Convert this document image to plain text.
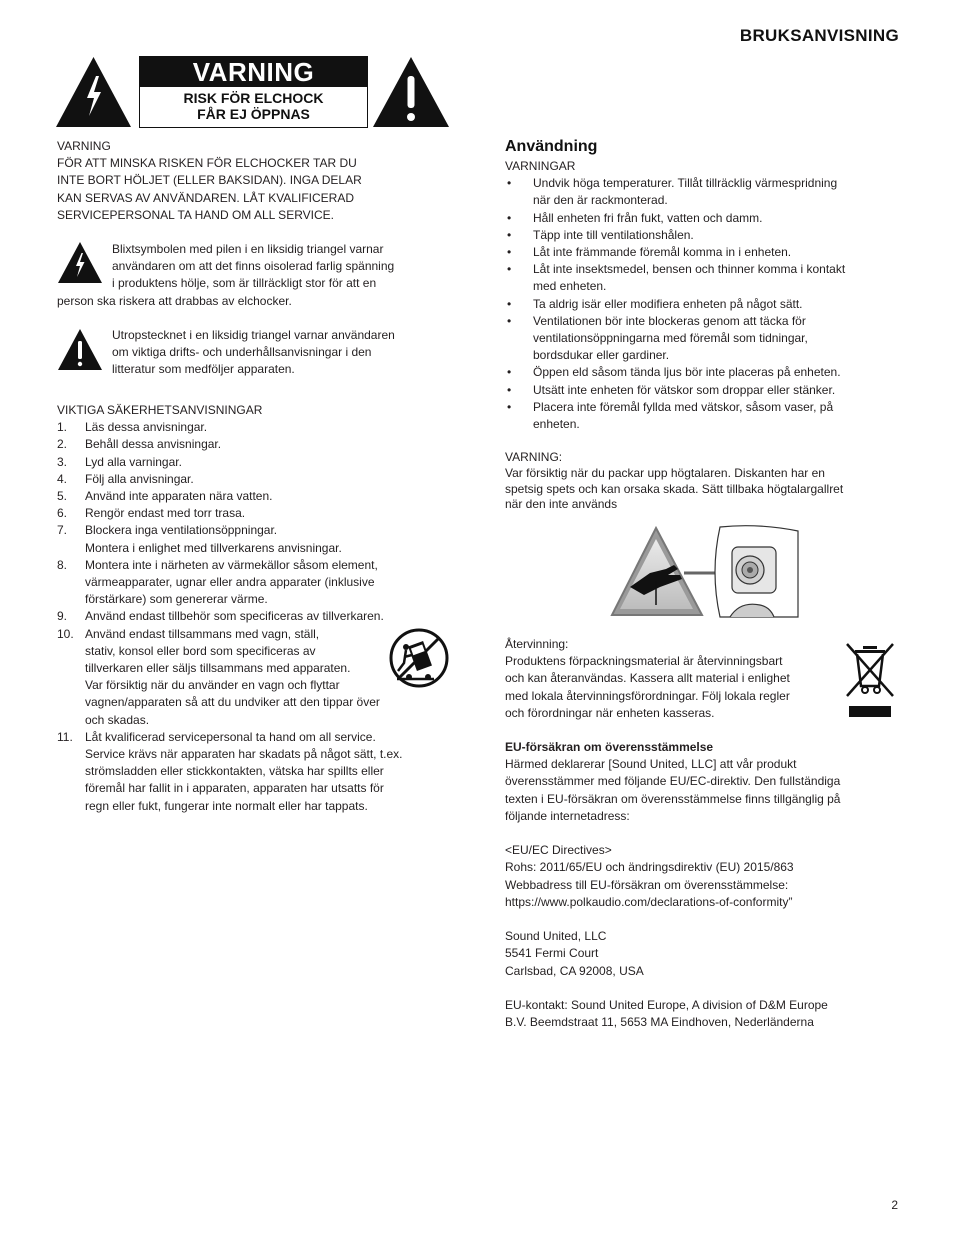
BRUKSANVISNING
VARNING
RISK FÖR ELCHOCK
FÅR EJ ÖPPNAS
VARNING
FÖR ATT MINSKA RISKEN FÖR ELCHOCKER TAR DU
INTE BORT HÖLJET (ELLER BAKSIDAN). INGA DELAR
KAN SERVAS AV ANVÄNDAREN. LÅT KVALIFICERAD
SERVICEPERSONAL TA HAND OM ALL SERVICE.
Blixtsymbolen med pilen i en liksidig triangel varnar
användaren om att det finns oisolerad farlig spänning
i produktens hölje, som är tillräckligt stor för att en
person ska riskera att drabbas av elchocker.
Utropstecknet i en liksidig triangel varnar användaren
om viktiga drifts- och underhållsanvisningar i den
litteratur som medföljer apparaten.
VIKTIGA SÄKERHETSANVISNINGAR
1. Läs dessa anvisningar.
2. Behåll dessa anvisningar.
3. Lyd alla varningar.
4. Följ alla anvisningar.
5. Använd inte apparaten nära vatten.
6. Rengör endast med torr trasa.
7. Blockera inga ventilationsöppningar.
Montera i enlighet med tillverkarens anvisningar.
8. Montera inte i närheten av värmekällor såsom element,
värmeapparater, ugnar eller andra apparater (inklusive
förstärkare) som genererar värme.
9. Använd endast tillbehör som specificeras av tillverkaren.
10. Använd endast tillsammans med vagn, ställ,
stativ, konsol eller bord som specificeras av
tillverkaren eller säljs tillsammans med apparaten.
Var försiktig när du använder en vagn och flyttar
vagnen/apparaten så att du undviker att den tippar över
och skadas.
11. Låt kvalificerad servicepersonal ta hand om all service.
Service krävs när apparaten har skadats på något sätt, t.ex.
strömsladden eller stickkontakten, vätska har spillts eller
föremål har fallit in i apparaten, apparaten har utsatts för
regn eller fukt, fungerar inte normalt eller har tappats.
Användning
VARNINGAR
• Undvik höga temperaturer. Tillåt tillräcklig värmespridning
när den är rackmonterad.
• Håll enheten fri från fukt, vatten och damm.
• Täpp inte till ventilationshålen.
• Låt inte främmande föremål komma in i enheten.
• Låt inte insektsmedel, bensen och thinner komma i kontakt
med enheten.
• Ta aldrig isär eller modifiera enheten på något sätt.
• Ventilationen bör inte blockeras genom att täcka för
ventilationsöppningarna med föremål som tidningar,
bordsdukar eller gardiner.
• Öppen eld såsom tända ljus bör inte placeras på enheten.
• Utsätt inte enheten för vätskor som droppar eller stänker.
• Placera inte föremål fyllda med vätskor, såsom vaser, på
enheten.
VARNING:
Var försiktig när du packar upp högtalaren. Diskanten har en
spetsig spets och kan orsaka skada. Sätt tillbaka högtalargallret
när den inte används
Återvinning:
Produktens förpackningsmaterial är återvinningsbart
och kan återanvändas. Kassera allt material i enlighet
med lokala återvinningsförordningar. Följ lokala regler
och förordningar när enheten kasseras.
EU-försäkran om överensstämmelse
Härmed deklarerar [Sound United, LLC] att vår produkt
överensstämmer med följande EU/EC-direktiv. Den fullständiga
texten i EU-försäkran om överensstämmelse finns tillgänglig på
följande internetadress:
<EU/EC Directives>
Rohs: 2011/65/EU och ändringsdirektiv (EU) 2015/863
Webbadress till EU-försäkran om överensstämmelse:
https://www.polkaudio.com/declarations-of-conformity”
Sound United, LLC
5541 Fermi Court
Carlsbad, CA 92008, USA
EU-kontakt: Sound United Europe, A division of D&M Europe
B.V. Beemdstraat 11, 5653 MA Eindhoven, Nederländerna
2
